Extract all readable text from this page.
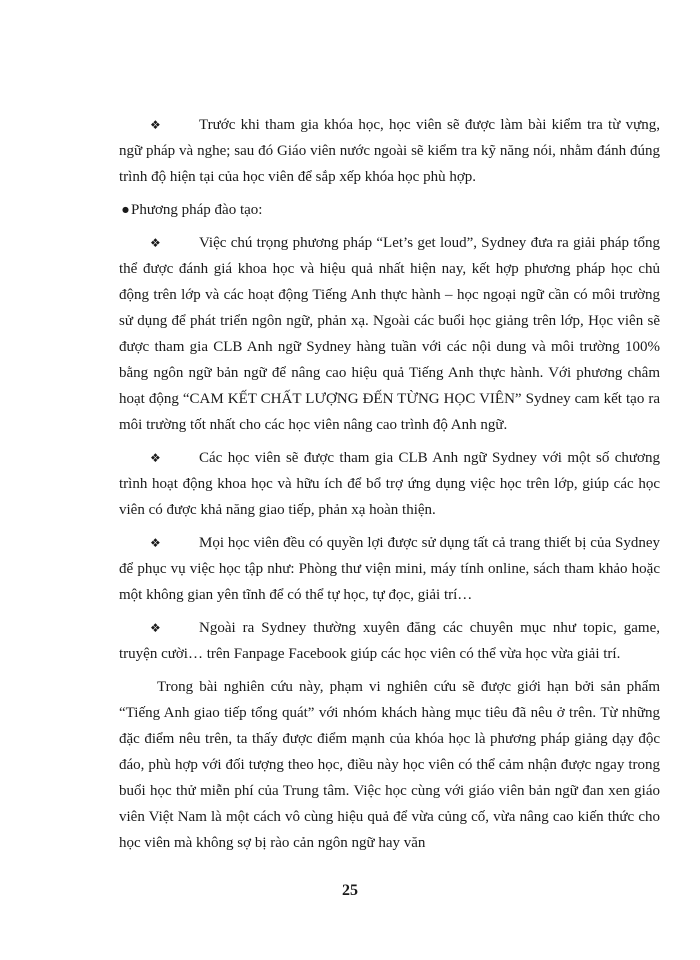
❖	Trước khi tham gia khóa học, học viên sẽ được làm bài kiểm tra từ vựng, ngữ pháp và nghe; sau đó Giáo viên nước ngoài sẽ kiểm tra kỹ năng nói, nhằm đánh đúng trình độ hiện tại của học viên để sắp xếp khóa học phù hợp.

● Phương pháp đào tạo:

❖	Việc chú trọng phương pháp “Let’s get loud”, Sydney đưa ra giải pháp tổng thể được đánh giá khoa học và hiệu quả nhất hiện nay, kết hợp phương pháp học chủ động trên lớp và các hoạt động Tiếng Anh thực hành – học ngoại ngữ cần có môi trường sử dụng để phát triển ngôn ngữ, phản xạ. Ngoài các buổi học giảng trên lớp, Học viên sẽ được tham gia CLB Anh ngữ Sydney hàng tuần với các nội dung và môi trường 100% bằng ngôn ngữ bản ngữ để nâng cao hiệu quả Tiếng Anh thực hành. Với phương châm hoạt động “CAM KẾT CHẤT LƯỢNG ĐẾN TỪNG HỌC VIÊN” Sydney cam kết tạo ra môi trường tốt nhất cho các học viên nâng cao trình độ Anh ngữ.

❖	Các học viên sẽ được tham gia CLB Anh ngữ Sydney với một số chương trình hoạt động khoa học và hữu ích để bổ trợ ứng dụng việc học trên lớp, giúp các học viên có được khả năng giao tiếp, phản xạ hoàn thiện.

❖	Mọi học viên đều có quyền lợi được sử dụng tất cả trang thiết bị của Sydney để phục vụ việc học tập như: Phòng thư viện mini, máy tính online, sách tham khảo hoặc một không gian yên tĩnh để có thể tự học, tự đọc, giải trí…

❖	Ngoài ra Sydney thường xuyên đăng các chuyên mục như topic, game, truyện cười… trên Fanpage Facebook giúp các học viên có thể vừa học vừa giải trí.

Trong bài nghiên cứu này, phạm vi nghiên cứu sẽ được giới hạn bởi sản phẩm “Tiếng Anh giao tiếp tổng quát” với nhóm khách hàng mục tiêu đã nêu ở trên. Từ những đặc điểm nêu trên, ta thấy được điểm mạnh của khóa học là phương pháp giảng dạy độc đáo, phù hợp với đối tượng theo học, điều này học viên có thể cảm nhận được ngay trong buổi học thử miễn phí của Trung tâm. Việc học cùng với giáo viên bản ngữ đan xen giáo viên Việt Nam là một cách vô cùng hiệu quả để vừa củng cố, vừa nâng cao kiến thức cho học viên mà không sợ bị rào cản ngôn ngữ hay văn

25
